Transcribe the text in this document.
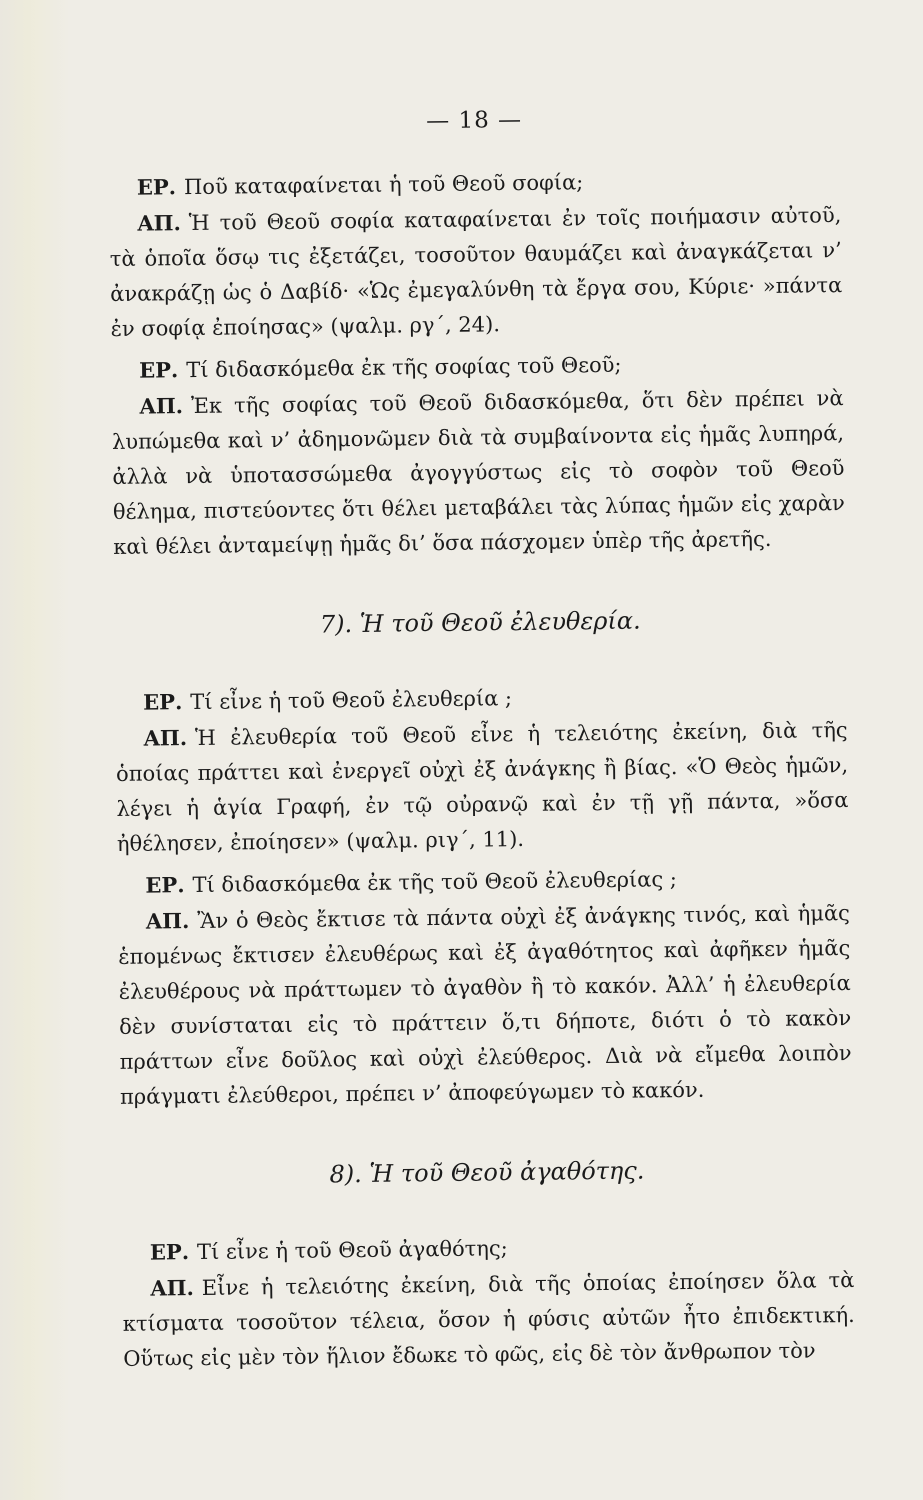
— 18 —

ΕΡ. Ποῦ καταφαίνεται ἡ τοῦ Θεοῦ σοφία;

ΑΠ. Ἡ τοῦ Θεοῦ σοφία καταφαίνεται ἐν τοῖς ποιήμασιν αὐτοῦ, τὰ ὁποῖα ὅσῳ τις ἐξετάζει, τοσοῦτον θαυμάζει καὶ ἀναγκάζεται ν’ ἀνακράζῃ ὡς ὁ Δαβίδ· «Ὡς ἐμεγαλύνθη τὰ ἔργα σου, Κύριε· »πάντα ἐν σοφίᾳ ἐποίησας» (ψαλμ. ργ΄, 24).

ΕΡ. Τί διδασκόμεθα ἐκ τῆς σοφίας τοῦ Θεοῦ;

ΑΠ. Ἐκ τῆς σοφίας τοῦ Θεοῦ διδασκόμεθα, ὅτι δὲν πρέπει νὰ λυπώμεθα καὶ ν’ ἀδημονῶμεν διὰ τὰ συμβαίνοντα εἰς ἡμᾶς λυπηρά, ἀλλὰ νὰ ὑποτασσώμεθα ἀγογγύστως εἰς τὸ σοφὸν τοῦ Θεοῦ θέλημα, πιστεύοντες ὅτι θέλει μεταβάλει τὰς λύπας ἡμῶν εἰς χαρὰν καὶ θέλει ἀνταμείψῃ ἡμᾶς δι’ ὅσα πάσχομεν ὑπὲρ τῆς ἀρετῆς.

7). Ἡ τοῦ Θεοῦ ἐλευθερία.

ΕΡ. Τί εἶνε ἡ τοῦ Θεοῦ ἐλευθερία ;

ΑΠ. Ἡ ἐλευθερία τοῦ Θεοῦ εἶνε ἡ τελειότης ἐκείνη, διὰ τῆς ὁποίας πράττει καὶ ἐνεργεῖ οὐχὶ ἐξ ἀνάγκης ἢ βίας. «Ὁ Θεὸς ἡμῶν, λέγει ἡ ἁγία Γραφή, ἐν τῷ οὐρανῷ καὶ ἐν τῇ γῇ πάντα, »ὅσα ἠθέλησεν, ἐποίησεν» (ψαλμ. ριγ΄, 11).

ΕΡ. Τί διδασκόμεθα ἐκ τῆς τοῦ Θεοῦ ἐλευθερίας ;

ΑΠ. Ἂν ὁ Θεὸς ἔκτισε τὰ πάντα οὐχὶ ἐξ ἀνάγκης τινός, καὶ ἡμᾶς ἑπομένως ἔκτισεν ἐλευθέρως καὶ ἐξ ἀγαθότητος καὶ ἀφῆκεν ἡμᾶς ἐλευθέρους νὰ πράττωμεν τὸ ἀγαθὸν ἢ τὸ κακόν. Ἀλλ’ ἡ ἐλευθερία δὲν συνίσταται εἰς τὸ πράττειν ὅ,τι δήποτε, διότι ὁ τὸ κακὸν πράττων εἶνε δοῦλος καὶ οὐχὶ ἐλεύθερος. Διὰ νὰ εἴμεθα λοιπὸν πράγματι ἐλεύθεροι, πρέπει ν’ ἀποφεύγωμεν τὸ κακόν.

8). Ἡ τοῦ Θεοῦ ἀγαθότης.

ΕΡ. Τί εἶνε ἡ τοῦ Θεοῦ ἀγαθότης;

ΑΠ. Εἶνε ἡ τελειότης ἐκείνη, διὰ τῆς ὁποίας ἐποίησεν ὅλα τὰ κτίσματα τοσοῦτον τέλεια, ὅσον ἡ φύσις αὐτῶν ἦτο ἐπιδεκτική. Οὕτως εἰς μὲν τὸν ἥλιον ἔδωκε τὸ φῶς, εἰς δὲ τὸν ἄνθρωπον τὸν
